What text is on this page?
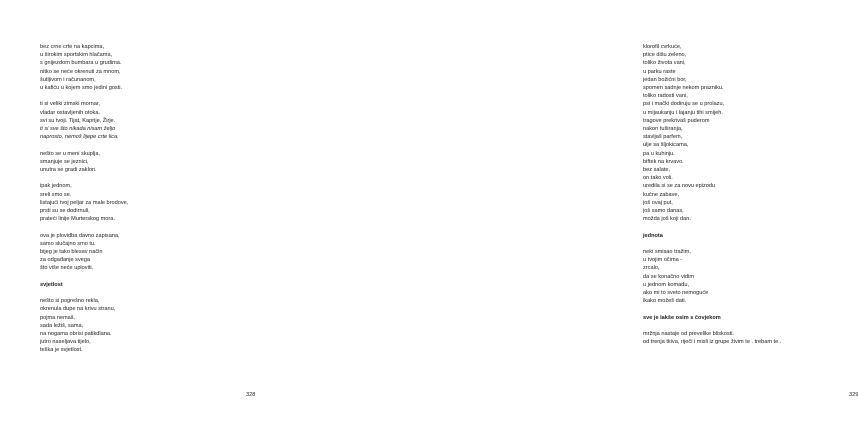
bez crne crte na kapcima,
u širokim sportskim hlačama,
s gnijezdom bumbara u grudima.
nitko se neće okrenuti za mnom,
šutljivom i računanom,
u kafiću u kojem smo jedini gosti.
ti si veliki zimski mornar,
vladar ostavljenih otoka.
svi su tvoji. Tijat, Kaprije, Žirje.
ti si sve što nikada nisam željo
naprosto, nemoš lijepe crte lica.
nešto se u meni skuplja,
smanjuje se jeznici,
unutra se gradi zaklon.
ipak jednom,
sreli smo se.
listajući tvoj peljar za male brodove,
prsti su se dodirnuli,
prateći linije Murterskog mora.
ova je plovidba davno zapisana,
samo slučajno smo tu.
bijeg je tako blesav način
za odgađanje svega
što više neće uploviti.
svjetlost
nešto si pogrešno rekla,
okrenula dupe na krivu stranu,
pojma nemaš.
sada ležiš, sama,
na nogama obrisi patikdlana.
jutro naseljava tijelo,
teška je svjetlost.
328
klorofil cvrkuće,
ptice dišu zeleno,
toliko života vani,
u parku raste
jedan božićni bor,
spomen sadnje nekom prazniku.
toliko radosti vani,
psi i mački dodiruju se u prolazu,
u mijaukanju i lajanju tihi smijeh.
tragove prekrivaš puderom
nakon tuširanja,
stavljaš parfem,
ulje sa šljokicama,
pa u kuhinju.
biftek na krvavo.
bez salate,
on tako voli.
uredila si se za novu epizodu
kućne zabave,
još ovaj put,
još samo danas,
možda još koji dan.
jednota
neki smisao tražim,
u tvojim očima -
zrcalo,
da se konačno vidim
u jednom komadu,
ako mi to sveto nemoguće
ikako možeš dati.
sve je lakše osim s čovjekom
mržnja nastaje od prevelike bliskosti.
od trenja tkiva, riječi i misli iz grupe živim te . trebam te .
329
